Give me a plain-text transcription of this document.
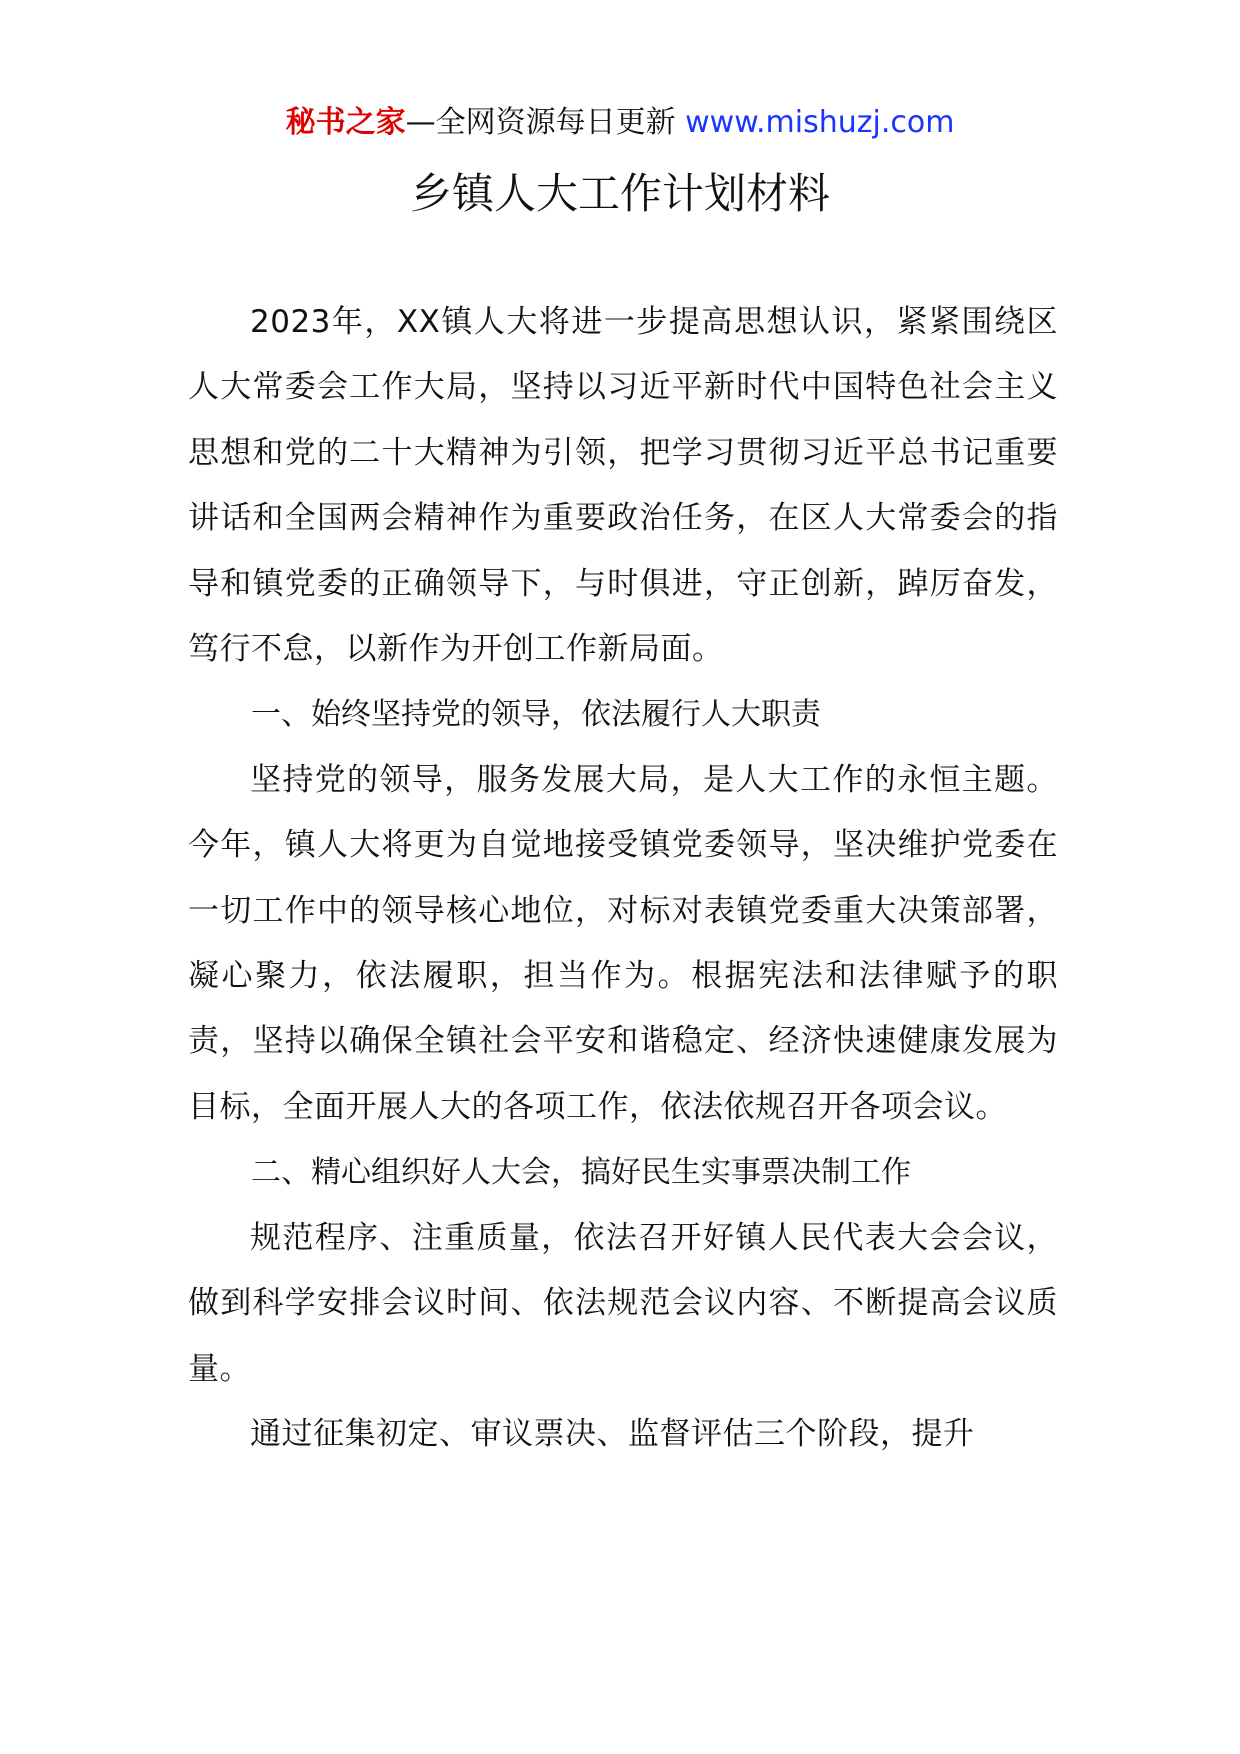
秘书之家—全网资源每日更新 www.mishuzj.com
乡镇人大工作计划材料

2023年，XX镇人大将进一步提高思想认识，紧紧围绕区人大常委会工作大局，坚持以习近平新时代中国特色社会主义思想和党的二十大精神为引领，把学习贯彻习近平总书记重要讲话和全国两会精神作为重要政治任务，在区人大常委会的指导和镇党委的正确领导下，与时俱进，守正创新，踔厉奋发，笃行不怠，以新作为开创工作新局面。

一、始终坚持党的领导，依法履行人大职责

坚持党的领导，服务发展大局，是人大工作的永恒主题。今年，镇人大将更为自觉地接受镇党委领导，坚决维护党委在一切工作中的领导核心地位，对标对表镇党委重大决策部署，凝心聚力，依法履职，担当作为。根据宪法和法律赋予的职责，坚持以确保全镇社会平安和谐稳定、经济快速健康发展为目标，全面开展人大的各项工作，依法依规召开各项会议。

二、精心组织好人大会，搞好民生实事票决制工作

规范程序、注重质量，依法召开好镇人民代表大会会议，做到科学安排会议时间、依法规范会议内容、不断提高会议质量。

通过征集初定、审议票决、监督评估三个阶段，提升
